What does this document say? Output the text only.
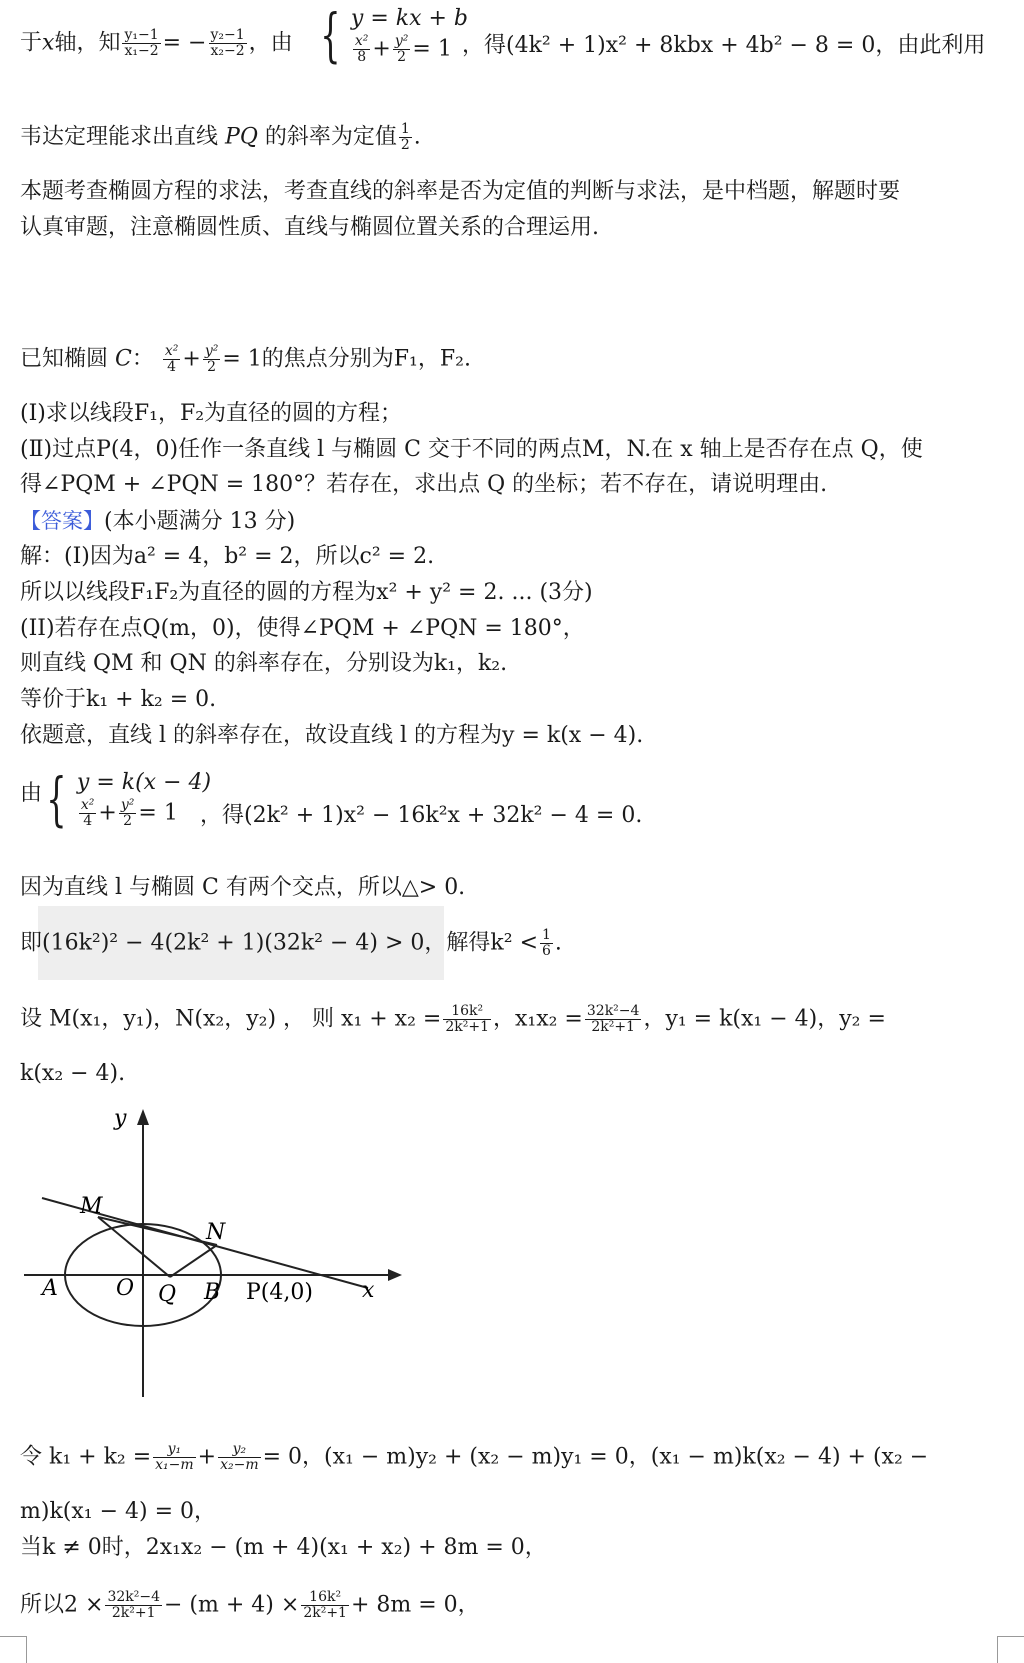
于x轴，知 $\frac{\text{y₁−1}}{\text{x₁−2}}$ = − $\frac{\text{y₂−1}}{\text{x₂−2}}$ ，由 { y = kx + b
$\frac{\text{x²}}{8} + \frac{\text{y²}}{2} = 1$ ，得(4k² + 1)x² + 8kbx + 4b² − 8 = 0，由此利用
韦达定理能求出直线 PQ 的斜率为定值 $\frac{1}{2}$ .
本题考查椭圆方程的求法，考查直线的斜率是否为定值的判断与求法，是中档题，解题时要
认真审题，注意椭圆性质、直线与椭圆位置关系的合理运用.
已知椭圆 C： $\frac{\text{x²}}{4} + \frac{\text{y²}}{2} = 1$的焦点分别为F₁，F₂.
(Ⅰ)求以线段F₁，F₂为直径的圆的方程；
(Ⅱ)过点P(4，0)任作一条直线 l 与椭圆 C 交于不同的两点M，N.在 x 轴上是否存在点 Q，使
得∠PQM + ∠PQN = 180°？若存在，求出点 Q 的坐标；若不存在，请说明理由.
【答案】(本小题满分 13 分)
解：(I)因为a² = 4，b² = 2，所以c² = 2.
所以以线段F₁F₂为直径的圆的方程为x² + y² = 2. ... (3分)
(II)若存在点Q(m，0)，使得∠PQM + ∠PQN = 180°，
则直线 QM 和 QN 的斜率存在，分别设为k₁，k₂.
等价于k₁ + k₂ = 0.
依题意，直线 l 的斜率存在，故设直线 l 的方程为y = k(x − 4).
由 { y = k(x − 4)
$\frac{\text{x²}}{4} + \frac{\text{y²}}{2} = 1$	，得(2k² + 1)x² − 16k²x + 32k² − 4 = 0.
因为直线 l 与椭圆 C 有两个交点，所以△> 0.
即(16k²)² − 4(2k² + 1)(32k² − 4) > 0，解得$k^2 < \frac{1}{6}$ .
设 M(x₁，y₁)，N(x₂，y₂) ， 则 $x_1 + x_2 = \frac{\text{16k²}}{\text{2k²+1}}$ ，$x_1x_2 = \frac{\text{32k²−4}}{\text{2k²+1}}$ ，y₁ = k(x₁ − 4)，y₂ =
k(x₂ − 4).
y
x
M
N
A	O Q B P(4,0)
令 $k_1 + k_2 = \frac{\text{y₁}}{\text{x₁−m}} + \frac{\text{y₂}}{\text{x₂−m}} = 0$，(x₁ − m)y₂ + (x₂ − m)y₁ = 0，(x₁ − m)k(x₂ − 4) + (x₂ −
m)k(x₁ − 4) = 0，
当k ≠ 0时，2x₁x₂ − (m + 4)(x₁ + x₂) + 8m = 0，
所以$2 \times \frac{\text{32k²−4}}{\text{2k²+1}} - (m + 4) \times \frac{\text{16k²}}{\text{2k²+1}} + 8m = 0$，
